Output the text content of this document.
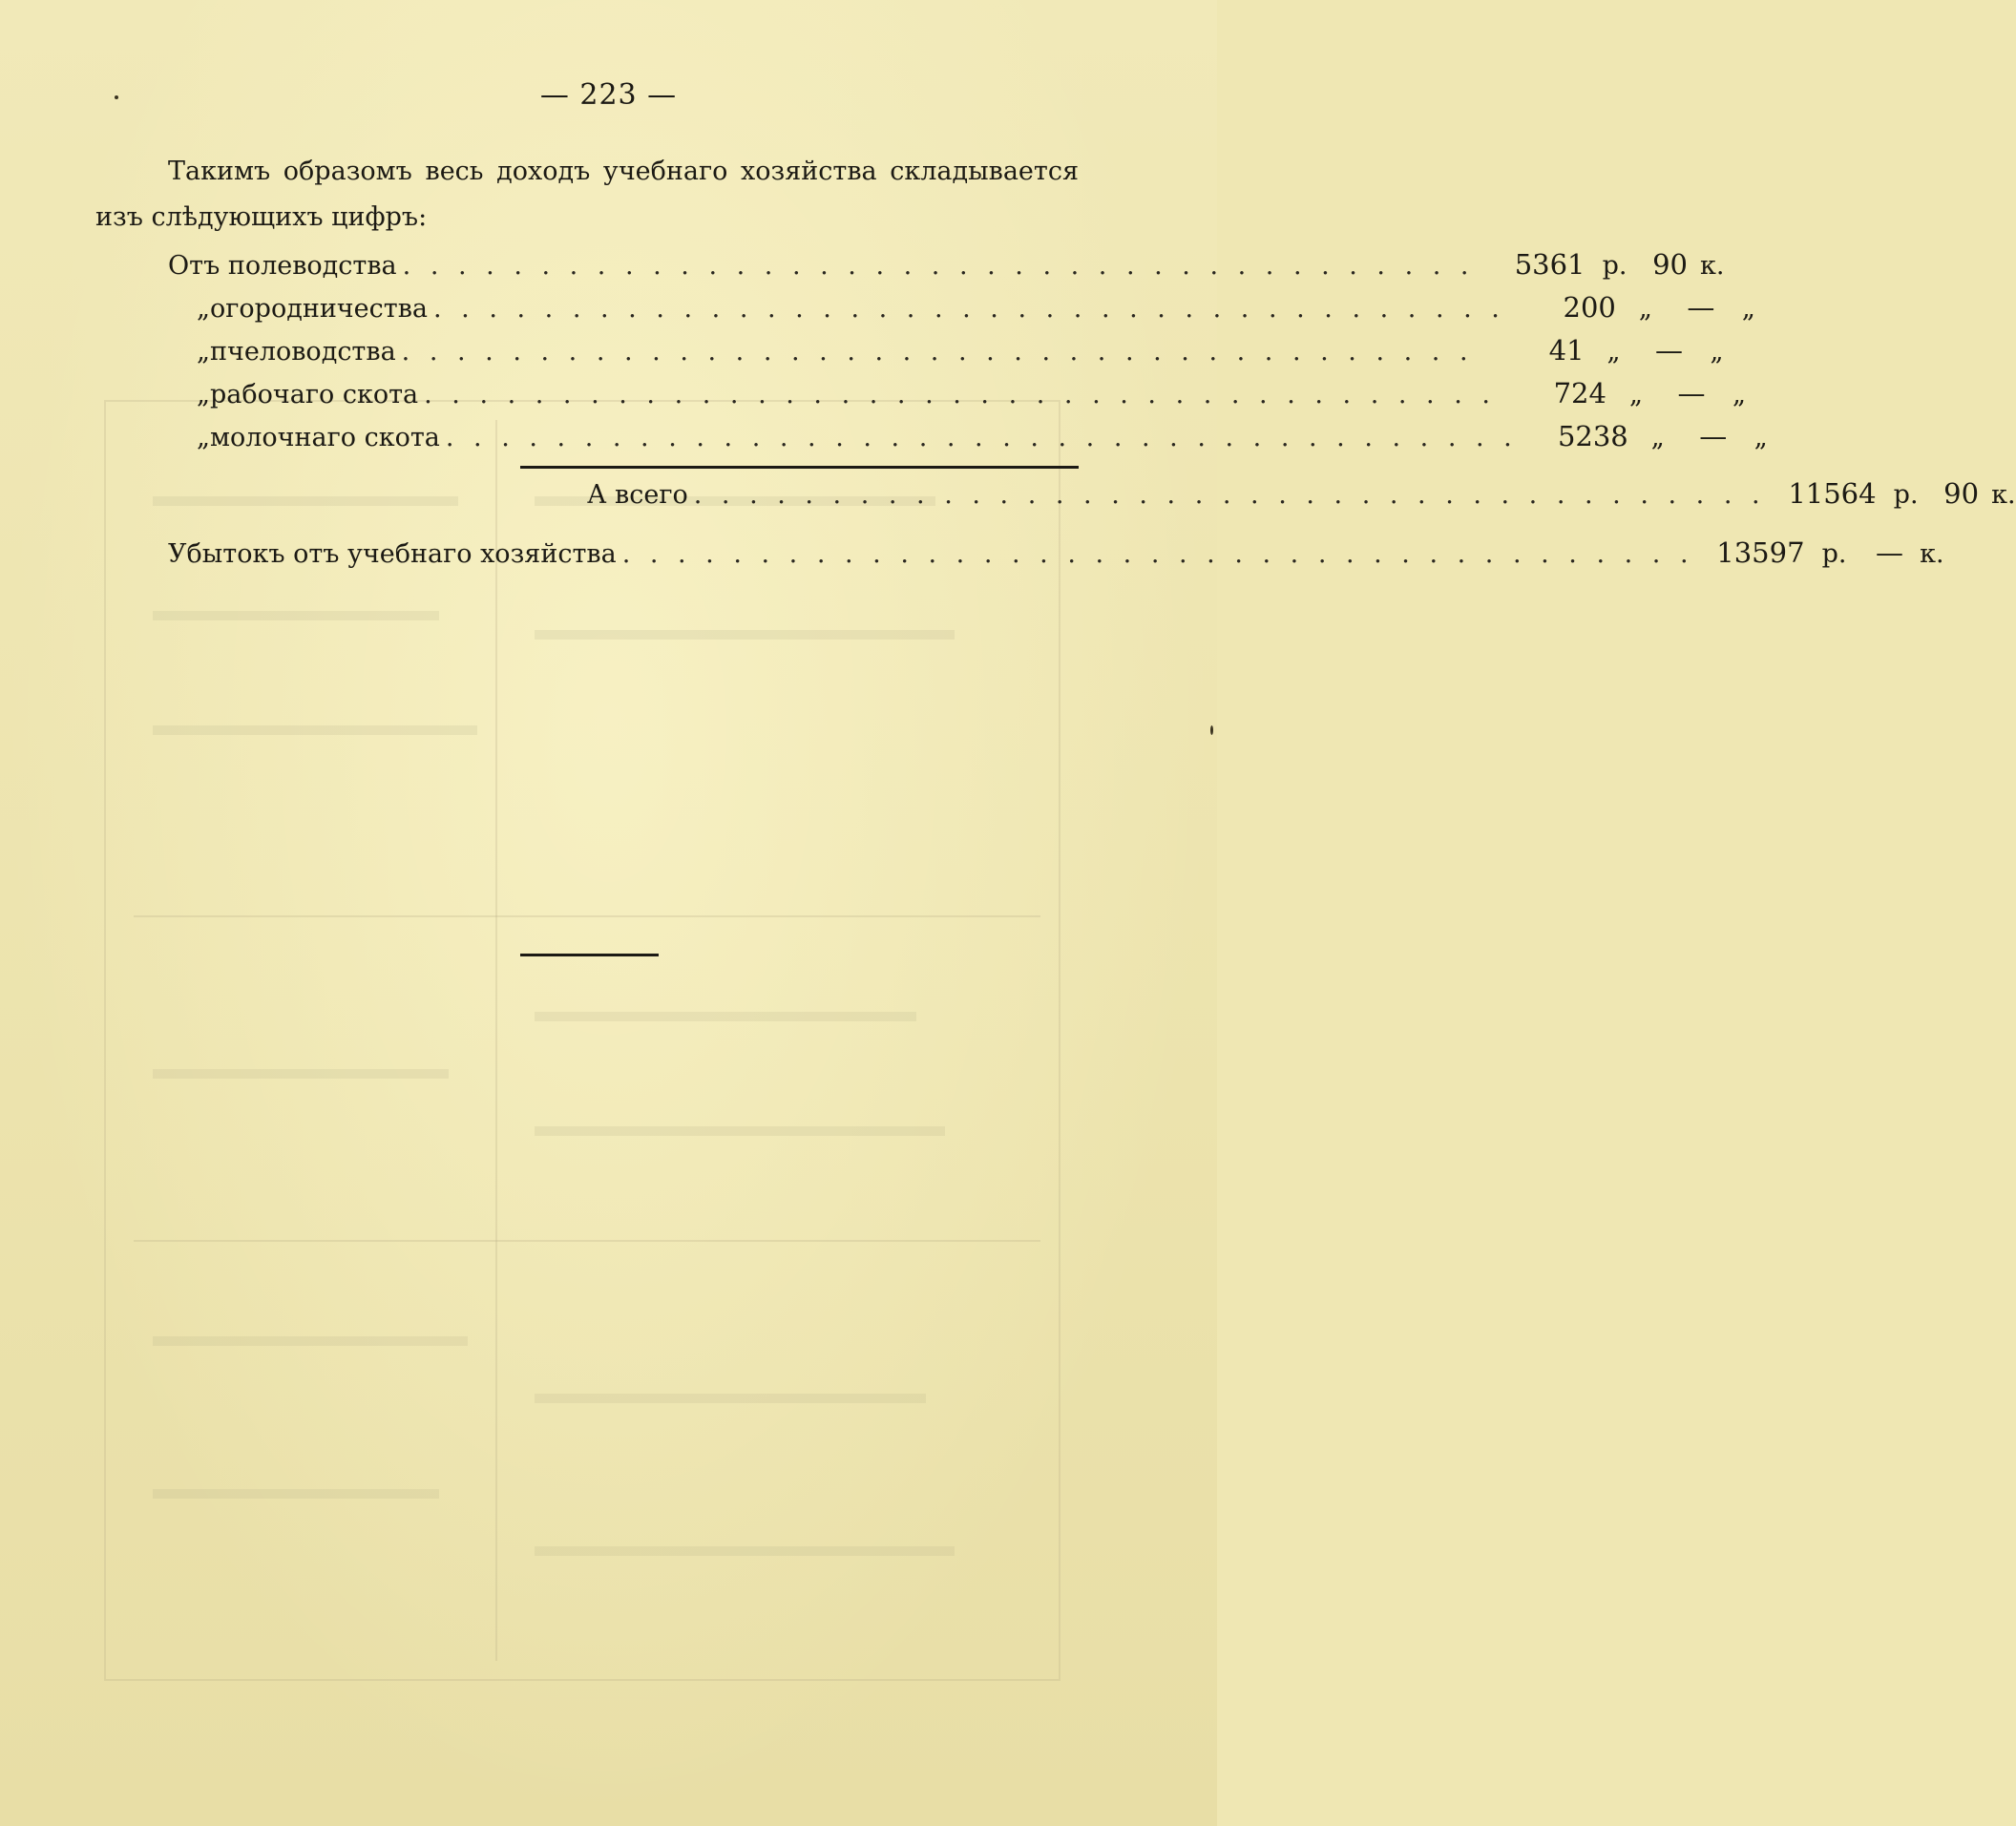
— 223 —
Такимъ образомъ весь доходъ учебнаго хозяйства складывается
изъ слѣдующихъ цифръ:
Отъ полеводства . . . . . . . . . . . . . . . . . . . . . . . . . . . . . . . . . . . . . . .	5361 р. 90 к.
„ огородничества . . . . . . . . . . . . . . . . . . . . . . . . . . . . . . . . . . . . . . .	200 „	—	„
„ пчеловодства . . . . . . . . . . . . . . . . . . . . . . . . . . . . . . . . . . . . . . .	41 „	—	„
„ рабочаго скота . . . . . . . . . . . . . . . . . . . . . . . . . . . . . . . . . . . . . . .	724 „	—	„
„ молочнаго скота . . . . . . . . . . . . . . . . . . . . . . . . . . . . . . . . . . . . . . .	5238 „	—	„
А всего . . . . . . . . . . . . . . . . . . . . . . . . . . . . . . . . . . . . . . . 11564 р. 90 к.
Убытокъ отъ учебнаго хозяйства . . . . . . . . . . . . . . . . . . . . . . . . . . . . . . . . . . . . . . . 13597 р.	— к.
